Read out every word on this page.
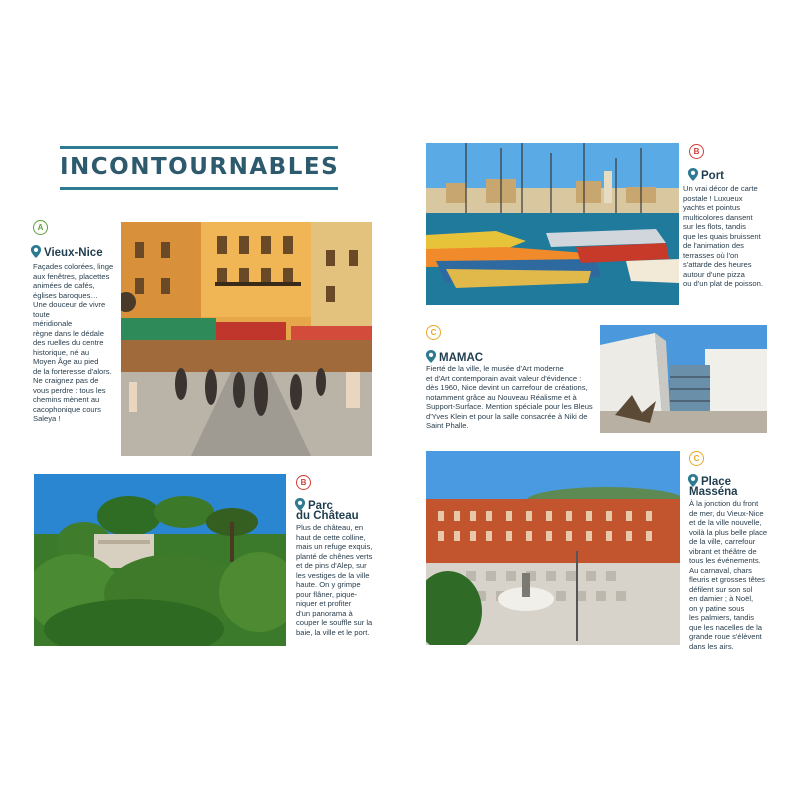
INCONTOURNABLES
A
Vieux-Nice
Façades colorées, linge
aux fenêtres, placettes
animées de cafés,
églises baroques…
Une douceur de vivre
toute
méridionale
règne dans le dédale
des ruelles du centre
historique, né au
Moyen Âge au pied
de la forteresse d'alors.
Ne craignez pas de
vous perdre : tous les
chemins mènent au
cacophonique cours
Saleya !
B
Parc
du Château
Plus de château, en
haut de cette colline,
mais un refuge exquis,
planté de chênes verts
et de pins d'Alep, sur
les vestiges de la ville
haute. On y grimpe
pour flâner, pique-
niquer et profiter
d'un panorama à
couper le souffle sur la
baie, la ville et le port.
B
Port
Un vrai décor de carte
postale ! Luxueux
yachts et pointus
multicolores dansent
sur les flots, tandis
que les quais bruissent
de l'animation des
terrasses où l'on
s'attarde des heures
autour d'une pizza
ou d'un plat de poisson.
C
MAMAC
Fierté de la ville, le musée d'Art moderne
et d'Art contemporain avait valeur d'évidence :
dès 1960, Nice devint un carrefour de créations,
notamment grâce au Nouveau Réalisme et à
Support-Surface. Mention spéciale pour les Bleus
d'Yves Klein et pour la salle consacrée à Niki de
Saint Phalle.
C
Place
Masséna
À la jonction du front
de mer, du Vieux-Nice
et de la ville nouvelle,
voilà la plus belle place
de la ville, carrefour
vibrant et théâtre de
tous les événements.
Au carnaval, chars
fleuris et grosses têtes
défilent sur son sol
en damier ; à Noël,
on y patine sous
les palmiers, tandis
que les nacelles de la
grande roue s'élèvent
dans les airs.
